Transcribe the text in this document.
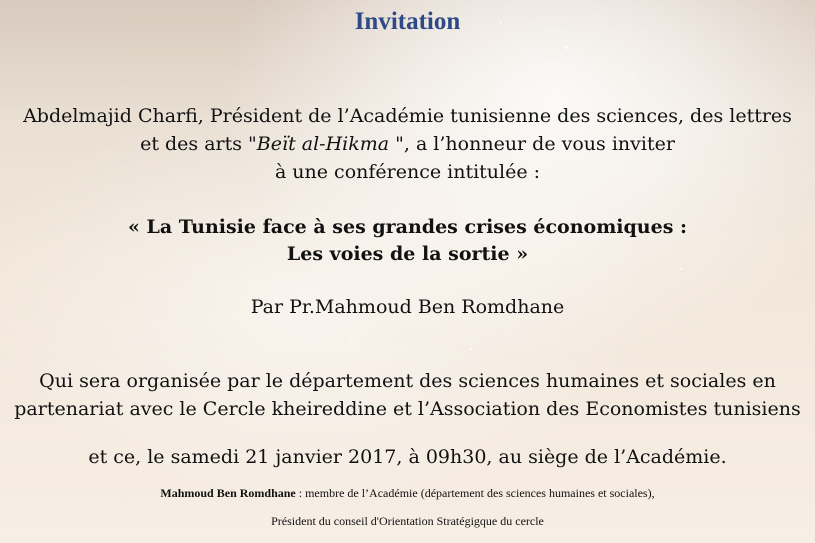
Invitation
Abdelmajid Charfi, Président de l’Académie tunisienne des sciences, des lettres
et des arts "Beït al-Hikma ", a l’honneur de vous inviter
à une conférence intitulée :
« La Tunisie face à ses grandes crises économiques :
Les voies de la sortie »
Par Pr.Mahmoud Ben Romdhane
Qui sera organisée par le département des sciences humaines et sociales en
partenariat avec le Cercle kheireddine et l’Association des Economistes tunisiens
et ce, le samedi 21 janvier 2017, à 09h30, au siège de l’Académie.
Mahmoud Ben Romdhane : membre de l’Académie (département des sciences humaines et sociales),
Président du conseil d'Orientation Stratégigque du cercle
